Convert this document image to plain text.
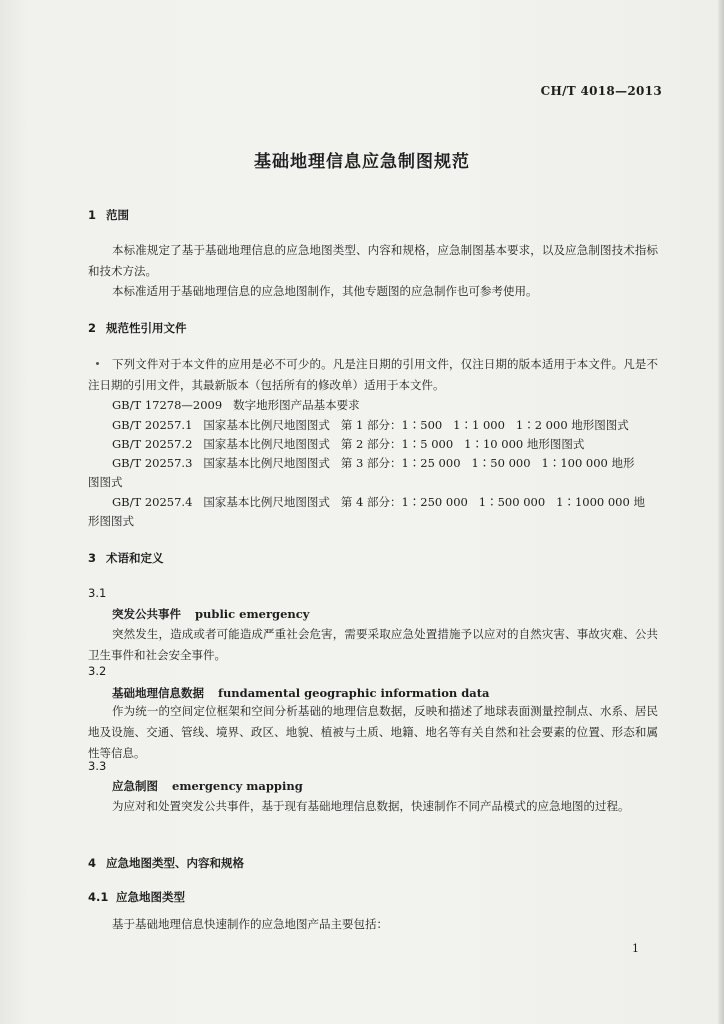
CH/T 4018—2013
基础地理信息应急制图规范
1 范围
本标准规定了基于基础地理信息的应急地图类型、内容和规格，应急制图基本要求，以及应急制图技术指标和技术方法。
本标准适用于基础地理信息的应急地图制作，其他专题图的应急制作也可参考使用。
2 规范性引用文件
下列文件对于本文件的应用是必不可少的。凡是注日期的引用文件，仅注日期的版本适用于本文件。凡是不注日期的引用文件，其最新版本（包括所有的修改单）适用于本文件。
GB/T 17278—2009   数字地形图产品基本要求
GB/T 20257.1   国家基本比例尺地图图式   第 1 部分：1∶500   1∶1 000   1∶2 000 地形图图式
GB/T 20257.2   国家基本比例尺地图图式   第 2 部分：1∶5 000   1∶10 000 地形图图式
GB/T 20257.3   国家基本比例尺地图图式   第 3 部分：1∶25 000   1∶50 000   1∶100 000 地形
图图式
GB/T 20257.4   国家基本比例尺地图图式   第 4 部分：1∶250 000   1∶500 000   1∶1000 000 地
形图图式
3 术语和定义
3.1
突发公共事件 public emergency
突然发生，造成或者可能造成严重社会危害，需要采取应急处置措施予以应对的自然灾害、事故灾难、公共卫生事件和社会安全事件。
3.2
基础地理信息数据 fundamental geographic information data
作为统一的空间定位框架和空间分析基础的地理信息数据，反映和描述了地球表面测量控制点、水系、居民地及设施、交通、管线、境界、政区、地貌、植被与土质、地籍、地名等有关自然和社会要素的位置、形态和属性等信息。
3.3
应急制图 emergency mapping
为应对和处置突发公共事件，基于现有基础地理信息数据，快速制作不同产品模式的应急地图的过程。
4 应急地图类型、内容和规格
4.1 应急地图类型
基于基础地理信息快速制作的应急地图产品主要包括：
1
